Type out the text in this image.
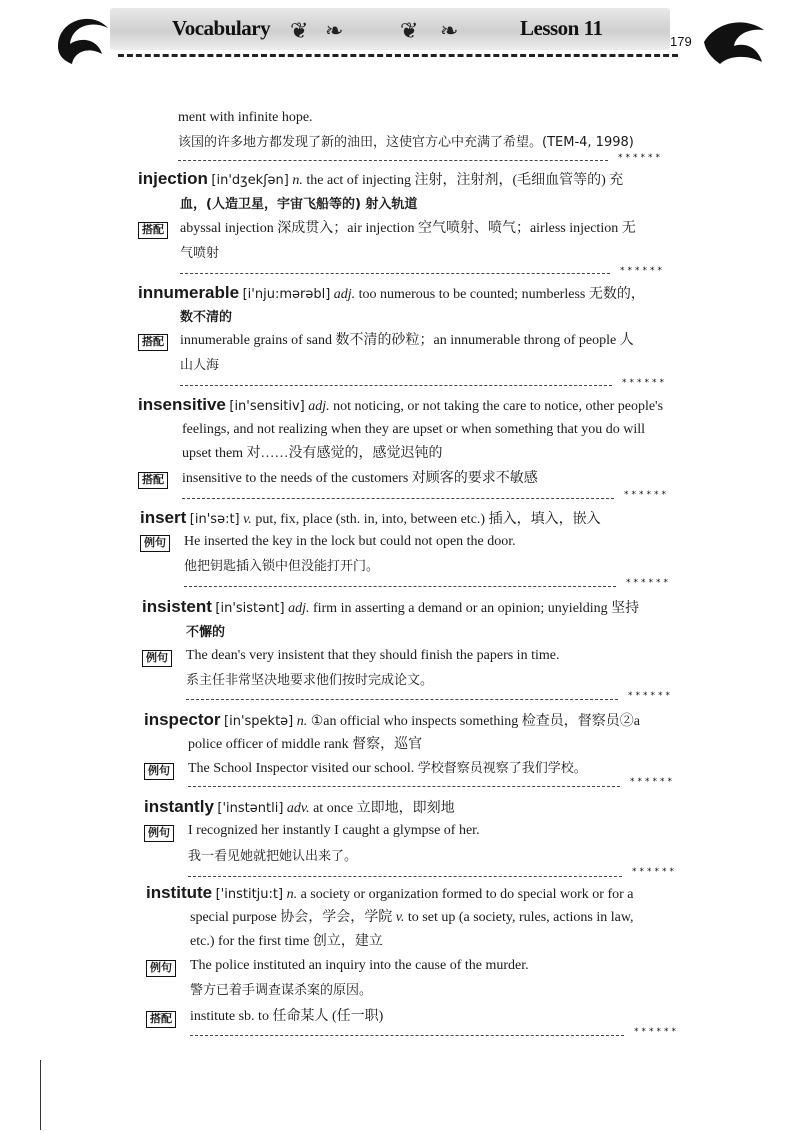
Vocabulary ❦ ❧	❦ ❧	Lesson 11
179
ment with infinite hope.
该国的许多地方都发现了新的油田，这使官方心中充满了希望。(TEM-4, 1998)
******
injection [in'dʒekʃən] n. the act of injecting 注射，注射剂，(毛细血管等的) 充
血，(人造卫星，宇宙飞船等的) 射入轨道
搭配 abyssal injection 深成贯入；air injection 空气喷射、喷气；airless injection 无
气喷射
******
innumerable [i'nju:mərəbl] adj. too numerous to be counted; numberless 无数的，
数不清的
搭配 innumerable grains of sand 数不清的砂粒；an innumerable throng of people 人
山人海
******
insensitive [in'sensitiv] adj. not noticing, or not taking the care to notice, other people's
feelings, and not realizing when they are upset or when something that you do will
upset them 对……没有感觉的，感觉迟钝的
搭配 insensitive to the needs of the customers 对顾客的要求不敏感
******
insert [in'sə:t] v. put, fix, place (sth. in, into, between etc.) 插入，填入，嵌入
例句 He inserted the key in the lock but could not open the door.
他把钥匙插入锁中但没能打开门。
******
insistent [in'sistənt] adj. firm in asserting a demand or an opinion; unyielding 坚持
不懈的
例句 The dean's very insistent that they should finish the papers in time.
系主任非常坚决地要求他们按时完成论文。
******
inspector [in'spektə] n. ①an official who inspects something 检查员，督察员②a
police officer of middle rank 督察，巡官
例句 The School Inspector visited our school. 学校督察员视察了我们学校。
******
instantly ['instəntli] adv. at once 立即地，即刻地
例句 I recognized her instantly I caught a glympse of her.
我一看见她就把她认出来了。
******
institute ['institju:t] n. a society or organization formed to do special work or for a
special purpose 协会，学会，学院 v. to set up (a society, rules, actions in law,
etc.) for the first time 创立，建立
例句 The police instituted an inquiry into the cause of the murder.
警方已着手调查谋杀案的原因。
搭配 institute sb. to 任命某人 (任一职)
******
